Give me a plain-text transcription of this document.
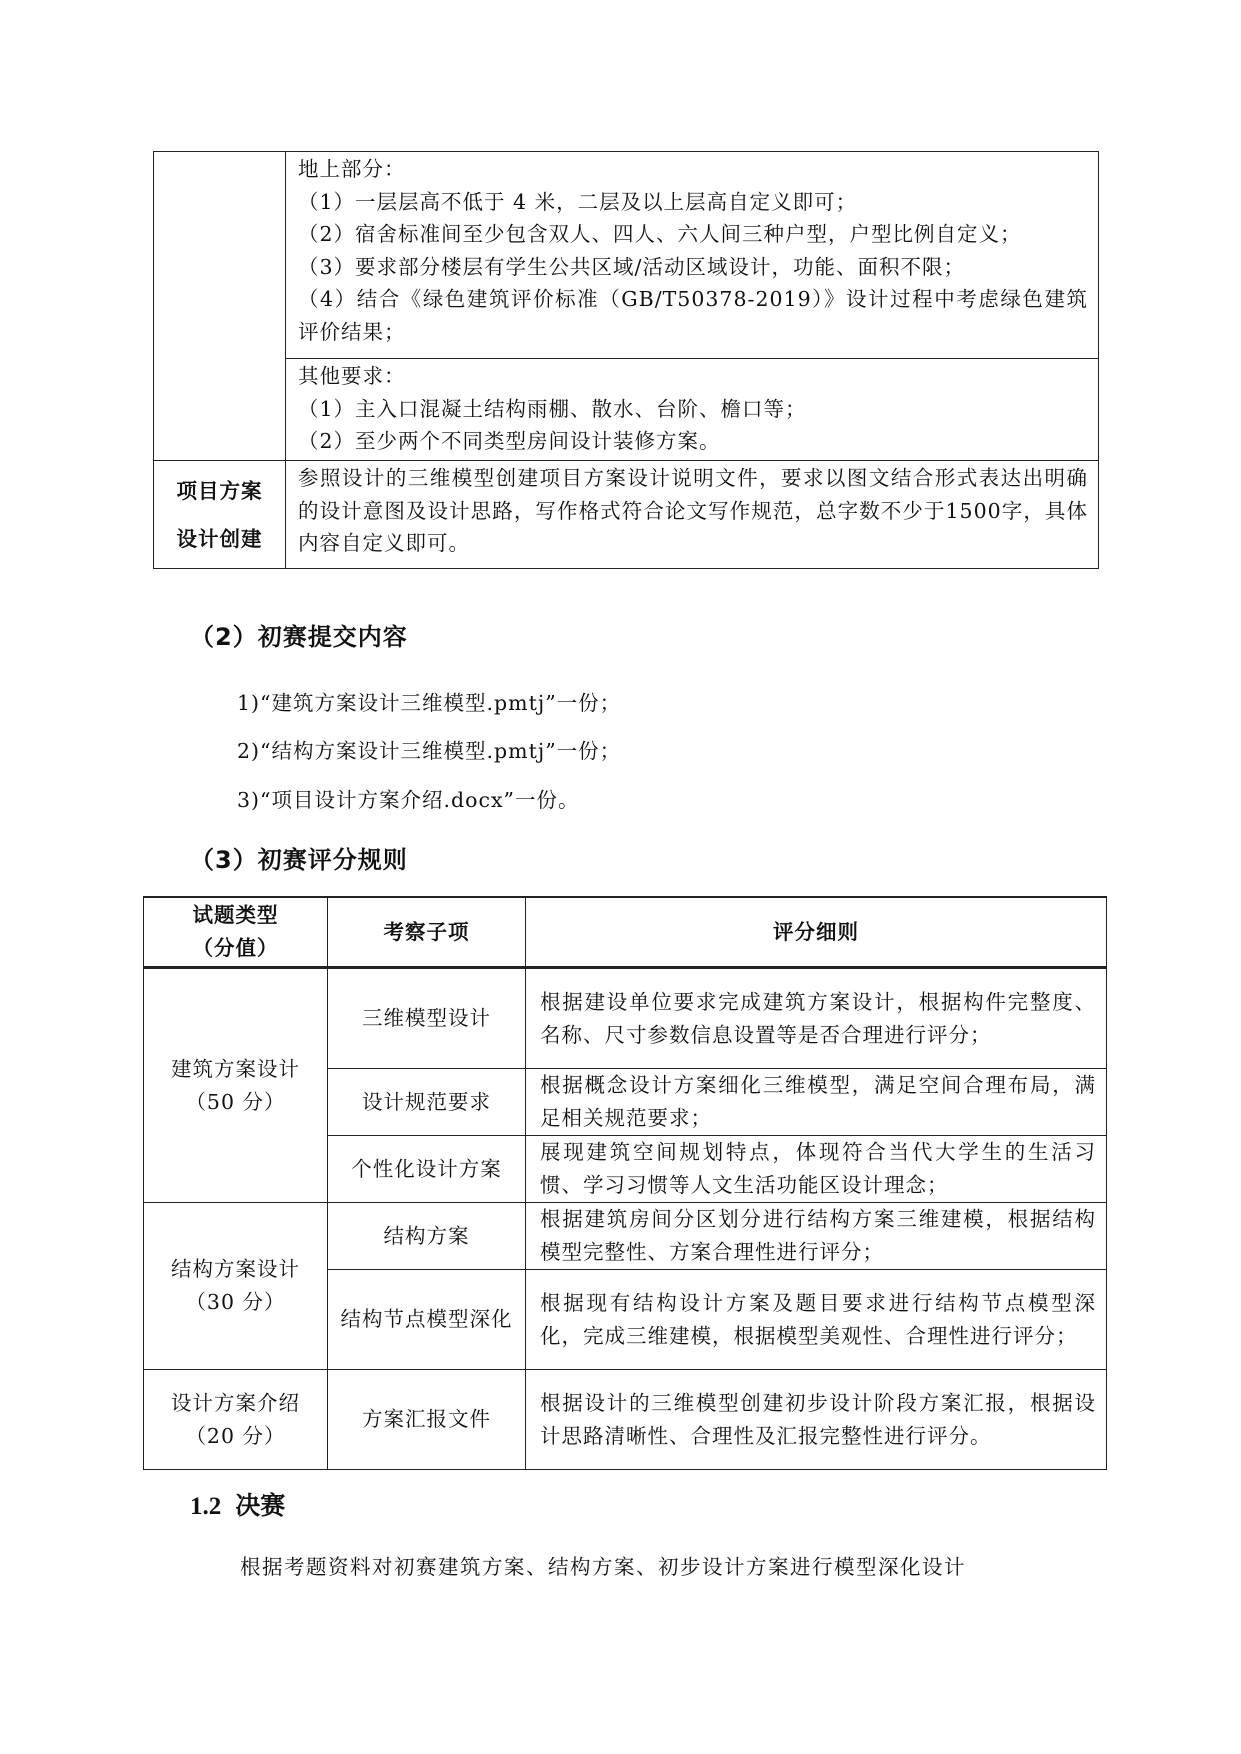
	地上部分：
（1）一层层高不低于 4 米，二层及以上层高自定义即可；
（2）宿舍标准间至少包含双人、四人、六人间三种户型，户型比例自定义；
（3）要求部分楼层有学生公共区域/活动区域设计，功能、面积不限；
（4）结合《绿色建筑评价标准（GB/T50378-2019）》设计过程中考虑绿色建筑评价结果；

	其他要求：
（1）主入口混凝土结构雨棚、散水、台阶、檐口等；
（2）至少两个不同类型房间设计装修方案。

项目方案
设计创建	参照设计的三维模型创建项目方案设计说明文件，要求以图文结合形式表达出明确的设计意图及设计思路，写作格式符合论文写作规范，总字数不少于1500字，具体内容自定义即可。
（2）初赛提交内容
1)“建筑方案设计三维模型.pmtj”一份；
2)“结构方案设计三维模型.pmtj”一份；
3)“项目设计方案介绍.docx”一份。
（3）初赛评分规则
试题类型
（分值）	考察子项	评分细则

建筑方案设计
（50 分）	三维模型设计	根据建设单位要求完成建筑方案设计，根据构件完整度、名称、尺寸参数信息设置等是否合理进行评分；
	设计规范要求	根据概念设计方案细化三维模型，满足空间合理布局，满足相关规范要求；
	个性化设计方案	展现建筑空间规划特点，体现符合当代大学生的生活习惯、学习习惯等人文生活功能区设计理念；

结构方案设计
（30 分）	结构方案	根据建筑房间分区划分进行结构方案三维建模，根据结构模型完整性、方案合理性进行评分；
	结构节点模型深化	根据现有结构设计方案及题目要求进行结构节点模型深化，完成三维建模，根据模型美观性、合理性进行评分；

设计方案介绍
（20 分）	方案汇报文件	根据设计的三维模型创建初步设计阶段方案汇报，根据设计思路清晰性、合理性及汇报完整性进行评分。
1.2 决赛
根据考题资料对初赛建筑方案、结构方案、初步设计方案进行模型深化设计
